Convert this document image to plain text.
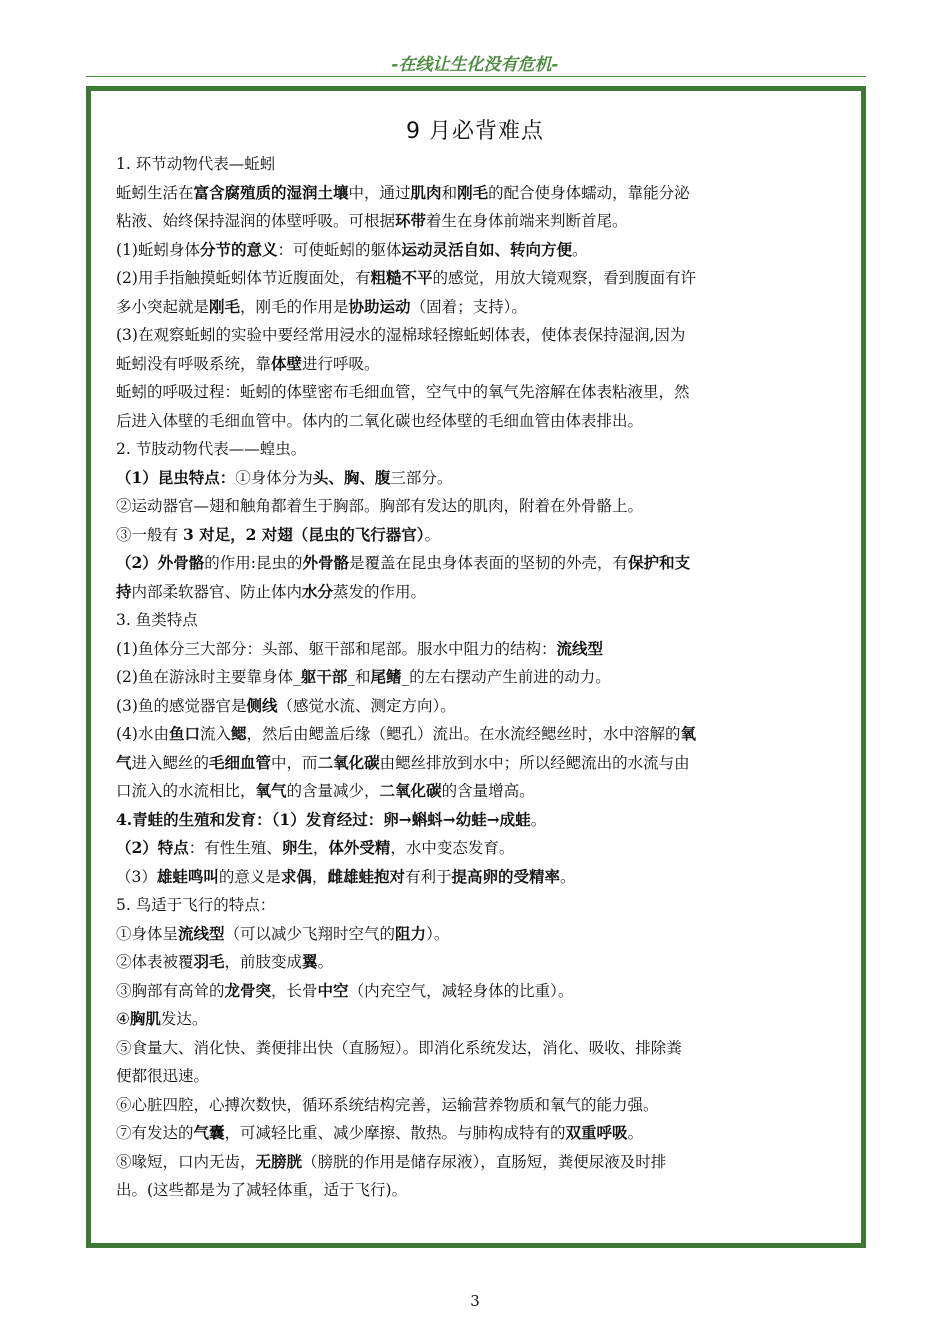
-在线让生化没有危机-
9 月必背难点
1. 环节动物代表—蚯蚓
蚯蚓生活在富含腐殖质的湿润土壤中，通过肌肉和刚毛的配合使身体蠕动，靠能分泌
粘液、始终保持湿润的体壁呼吸。可根据环带着生在身体前端来判断首尾。
(1)蚯蚓身体分节的意义：可使蚯蚓的躯体运动灵活自如、转向方便。
(2)用手指触摸蚯蚓体节近腹面处，有粗糙不平的感觉，用放大镜观察，看到腹面有许
多小突起就是刚毛，刚毛的作用是协助运动（固着；支持）。
(3)在观察蚯蚓的实验中要经常用浸水的湿棉球轻擦蚯蚓体表，使体表保持湿润,因为
蚯蚓没有呼吸系统，靠体壁进行呼吸。
蚯蚓的呼吸过程：蚯蚓的体壁密布毛细血管，空气中的氧气先溶解在体表粘液里，然
后进入体壁的毛细血管中。体内的二氧化碳也经体壁的毛细血管由体表排出。
2. 节肢动物代表——蝗虫。
（1）昆虫特点：①身体分为头、胸、腹三部分。
②运动器官—翅和触角都着生于胸部。胸部有发达的肌肉，附着在外骨骼上。
③一般有 3 对足，2 对翅（昆虫的飞行器官）。
（2）外骨骼的作用:昆虫的外骨骼是覆盖在昆虫身体表面的坚韧的外壳，有保护和支
持内部柔软器官、防止体内水分蒸发的作用。
3. 鱼类特点
(1)鱼体分三大部分：头部、躯干部和尾部。服水中阻力的结构：流线型
(2)鱼在游泳时主要靠身体_躯干部_和尾鳍_的左右摆动产生前进的动力。
(3)鱼的感觉器官是侧线（感觉水流、测定方向）。
(4)水由鱼口流入鳃，然后由鳃盖后缘（鳃孔）流出。在水流经鳃丝时，水中溶解的氧
气进入鳃丝的毛细血管中，而二氧化碳由鳃丝排放到水中；所以经鳃流出的水流与由
口流入的水流相比，氧气的含量减少，二氧化碳的含量增高。
4.青蛙的生殖和发育：（1）发育经过：卵→蝌蚪→幼蛙→成蛙。
（2）特点：有性生殖、卵生，体外受精，水中变态发育。
（3）雄蛙鸣叫的意义是求偶，雌雄蛙抱对有利于提高卵的受精率。
5. 鸟适于飞行的特点：
①身体呈流线型（可以减少飞翔时空气的阻力）。
②体表被覆羽毛，前肢变成翼。
③胸部有高耸的龙骨突，长骨中空（内充空气，减轻身体的比重）。
④胸肌发达。
⑤食量大、消化快、粪便排出快（直肠短）。即消化系统发达，消化、吸收、排除粪
便都很迅速。
⑥心脏四腔，心搏次数快，循环系统结构完善，运输营养物质和氧气的能力强。
⑦有发达的气囊，可减轻比重、减少摩擦、散热。与肺构成特有的双重呼吸。
⑧喙短，口内无齿，无膀胱（膀胱的作用是储存尿液），直肠短，粪便尿液及时排
出。(这些都是为了减轻体重，适于飞行)。
3
